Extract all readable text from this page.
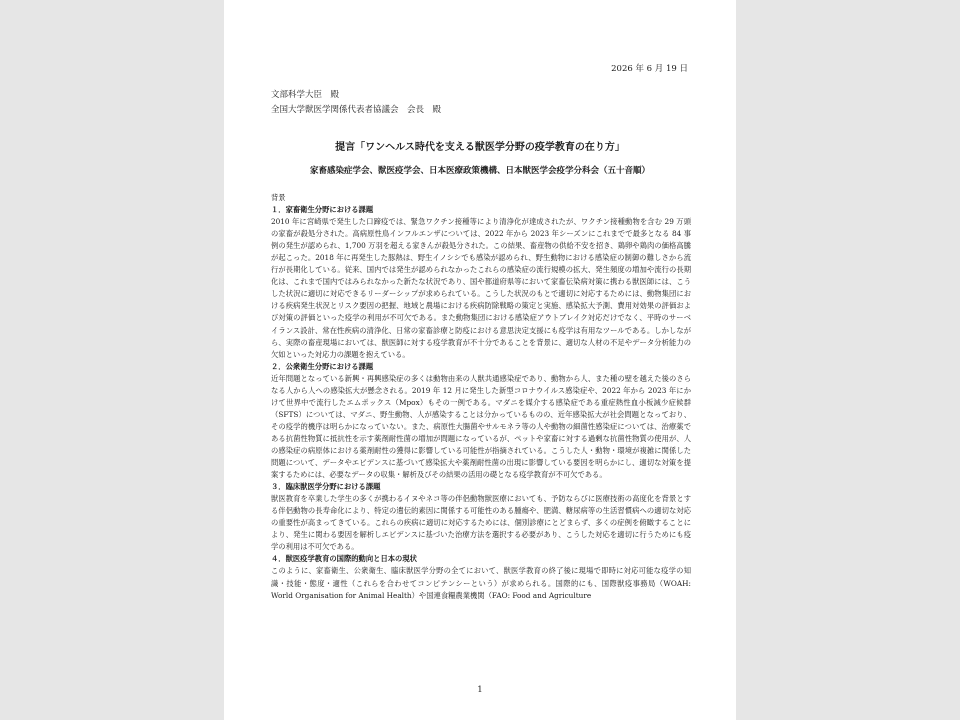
2026 年 6 月 19 日
文部科学大臣　殿
全国大学獣医学関係代表者協議会　会長　殿
提言「ワンヘルス時代を支える獣医学分野の疫学教育の在り方」
家畜感染症学会、獣医疫学会、日本医療政策機構、日本獣医学会疫学分科会（五十音順）
背景
１．家畜衛生分野における課題

2010 年に宮崎県で発生した口蹄疫では、緊急ワクチン接種等により清浄化が達成されたが、ワクチン接種動物を含む 29 万頭の家畜が殺処分された。高病原性鳥インフルエンザについては、2022 年から 2023 年シーズンにこれまでで最多となる 84 事例の発生が認められ、1,700 万羽を超える家きんが殺処分された。この結果、畜産物の供給不安を招き、鶏卵や鶏肉の価格高騰が起こった。2018 年に再発生した豚熱は、野生イノシシでも感染が認められ、野生動物における感染症の制御の難しさから流行が長期化している。従来、国内では発生が認められなかったこれらの感染症の流行規模の拡大、発生頻度の増加や流行の長期化は、これまで国内ではみられなかった新たな状況であり、国や都道府県等において家畜伝染病対策に携わる獣医師には、こうした状況に適切に対応できるリーダーシップが求められている。こうした状況のもとで適切に対応するためには、動物集団における疾病発生状況とリスク要因の把握、地域と農場における疾病防除戦略の策定と実施、感染拡大予測、費用対効果の評価および対策の評価といった疫学の利用が不可欠である。また動物集団における感染症アウトブレイク対応だけでなく、平時のサーベイランス設計、常在性疾病の清浄化、日常の家畜診療と防疫における意思決定支援にも疫学は有用なツールである。しかしながら、実際の畜産現場においては、獣医師に対する疫学教育が不十分であることを背景に、適切な人材の不足やデータ分析能力の欠如といった対応力の課題を抱えている。

２．公衆衛生分野における課題

近年問題となっている新興・再興感染症の多くは動物由来の人獣共通感染症であり、動物から人、また種の壁を越えた後のさらなる人から人への感染拡大が懸念される。2019 年 12 月に発生した新型コロナウイルス感染症や、2022 年から 2023 年にかけて世界中で流行したエムポックス（Mpox）もその一例である。マダニを媒介する感染症である重症熱性血小板減少症候群（SFTS）については、マダニ、野生動物、人が感染することは分かっているものの、近年感染拡大が社会問題となっており、その疫学的機序は明らかになっていない。また、病原性大腸菌やサルモネラ等の人や動物の細菌性感染症については、治療薬である抗菌性物質に抵抗性を示す薬剤耐性菌の増加が問題になっているが、ペットや家畜に対する過剰な抗菌性物質の使用が、人の感染症の病原体における薬剤耐性の獲得に影響している可能性が指摘されている。こうした人・動物・環境が複雑に関係した問題について、データやエビデンスに基づいて感染拡大や薬剤耐性菌の出現に影響している要因を明らかにし、適切な対策を提案するためには、必要なデータの収集・解析及びその結果の活用の礎となる疫学教育が不可欠である。

３．臨床獣医学分野における課題

獣医教育を卒業した学生の多くが携わるイヌやネコ等の伴侶動物獣医療においても、予防ならびに医療技術の高度化を背景とする伴侶動物の長寿命化により、特定の遺伝的素因に関係する可能性のある腫瘍や、肥満、糖尿病等の生活習慣病への適切な対応の重要性が高まってきている。これらの疾病に適切に対応するためには、個別診療にとどまらず、多くの症例を俯瞰することにより、発生に関わる要因を解析しエビデンスに基づいた治療方法を選択する必要があり、こうした対応を適切に行うためにも疫学の利用は不可欠である。

４．獣医疫学教育の国際的動向と日本の現状

このように、家畜衛生、公衆衛生、臨床獣医学分野の全てにおいて、獣医学教育の終了後に現場で即時に対応可能な疫学の知識・技能・態度・適性（これらを合わせてコンピテンシーという）が求められる。国際的にも、国際獣疫事務局（WOAH: World Organisation for Animal Health）や国連食糧農業機関（FAO: Food and Agriculture

1
